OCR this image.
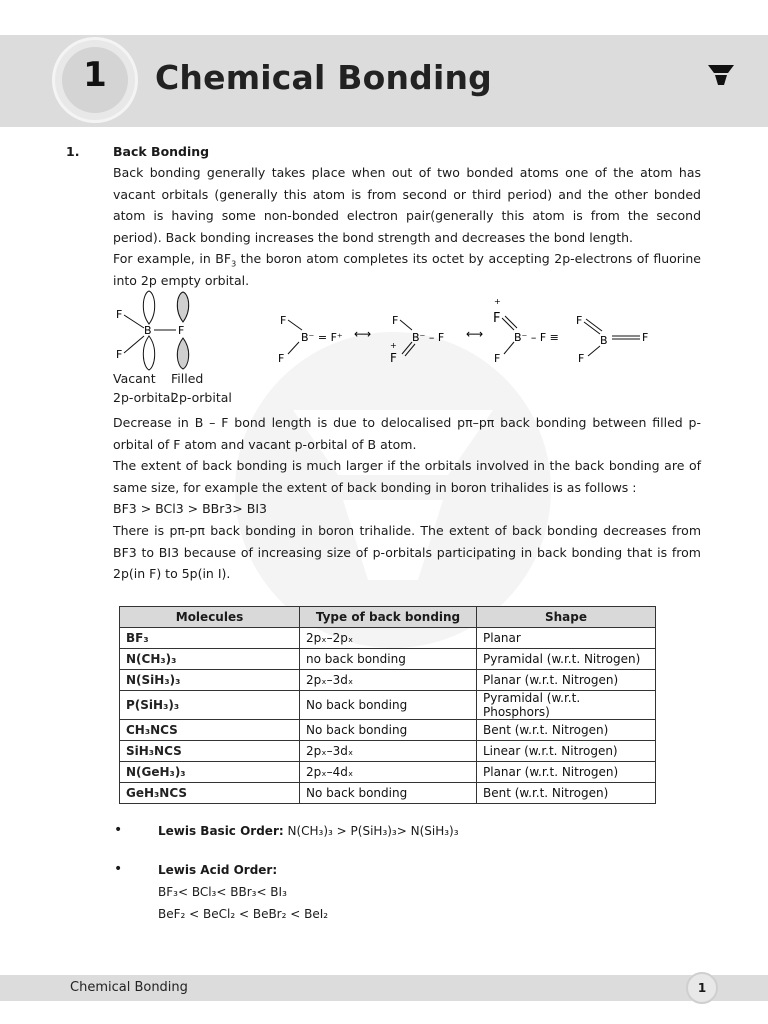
1	Chemical Bonding
1.	Back Bonding

Back bonding generally takes place when out of two bonded atoms one of the atom has vacant orbitals (generally this atom is from second or third period) and the other bonded atom is having some non-bonded electron pair(generally this atom is from the second period). Back bonding increases the bond strength and decreases the bond length.

For example, in $BF_3$ the boron atom completes its octet by accepting 2p-electrons of fluorine into 2p empty orbital.

F
B F
F
F
B⁻ = F⁺
F
⟷
F
B⁻ – F
+
F
⟷
+
F
B⁻ – F ≡
F
F
B	F
F
Vacant Filled
2p-orbital
2p-orbital

Decrease in B – F bond length is due to delocalised pπ–pπ back bonding between filled p-orbital of F atom and vacant p-orbital of B atom.

The extent of back bonding is much larger if the orbitals involved in the back bonding are of same size, for example the extent of back bonding in boron trihalides is as follows :

BF3 > BCl3 > BBr3> BI3

There is pπ-pπ back bonding in boron trihalide. The extent of back bonding decreases from BF3 to BI3 because of increasing size of p-orbitals participating in back bonding that is from 2p(in F) to 5p(in I).

Molecules	Type of back bonding	Shape
BF₃	2pₓ–2pₓ	Planar
N(CH₃)₃	no back bonding	Pyramidal (w.r.t. Nitrogen)
N(SiH₃)₃	2pₓ–3dₓ	Planar (w.r.t. Nitrogen)
P(SiH₃)₃	No back bonding	Pyramidal (w.r.t. Phosphors)
CH₃NCS	No back bonding	Bent (w.r.t. Nitrogen)
SiH₃NCS	2pₓ–3dₓ	Linear (w.r.t. Nitrogen)
N(GeH₃)₃	2pₓ–4dₓ	Planar (w.r.t. Nitrogen)
GeH₃NCS	No back bonding	Bent (w.r.t. Nitrogen)
•	Lewis Basic Order: N(CH₃)₃ > P(SiH₃)₃> N(SiH₃)₃
•	Lewis Acid Order:
BF₃< BCl₃< BBr₃< BI₃
BeF₂ < BeCl₂ < BeBr₂ < BeI₂
Chemical Bonding	1
